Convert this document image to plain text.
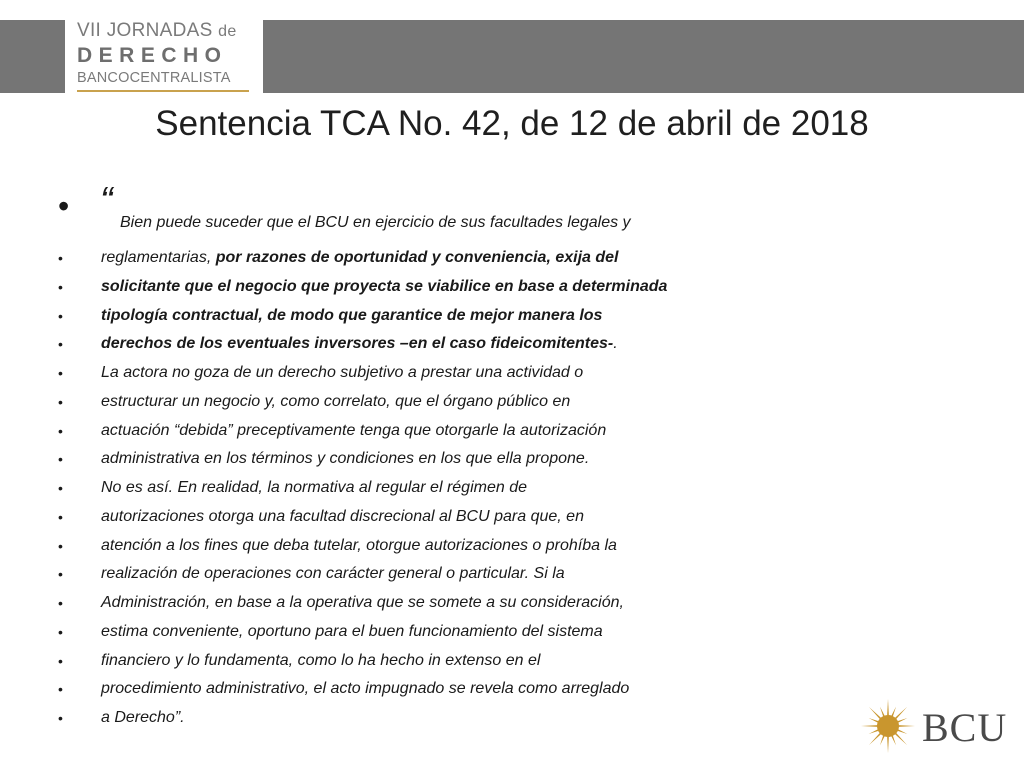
VII JORNADAS de
DERECHO
BANCOCENTRALISTA
Sentencia TCA No. 42, de 12 de abril de 2018
• “
Bien puede suceder que el BCU en ejercicio de sus facultades legales y
• reglamentarias, por razones de oportunidad y conveniencia, exija del
• solicitante que el negocio que proyecta se viabilice en base a determinada
• tipología contractual, de modo que garantice de mejor manera los
• derechos de los eventuales inversores –en el caso fideicomitentes-.
• La actora no goza de un derecho subjetivo a prestar una actividad o
• estructurar un negocio y, como correlato, que el órgano público en
• actuación “debida” preceptivamente tenga que otorgarle la autorización
• administrativa en los términos y condiciones en los que ella propone.
• No es así. En realidad, la normativa al regular el régimen de
• autorizaciones otorga una facultad discrecional al BCU para que, en
• atención a los fines que deba tutelar, otorgue autorizaciones o prohíba la
• realización de operaciones con carácter general o particular. Si la
• Administración, en base a la operativa que se somete a su consideración,
• estima conveniente, oportuno para el buen funcionamiento del sistema
• financiero y lo fundamenta, como lo ha hecho in extenso en el
• procedimiento administrativo, el acto impugnado se revela como arreglado
• a Derecho”.	BCU
